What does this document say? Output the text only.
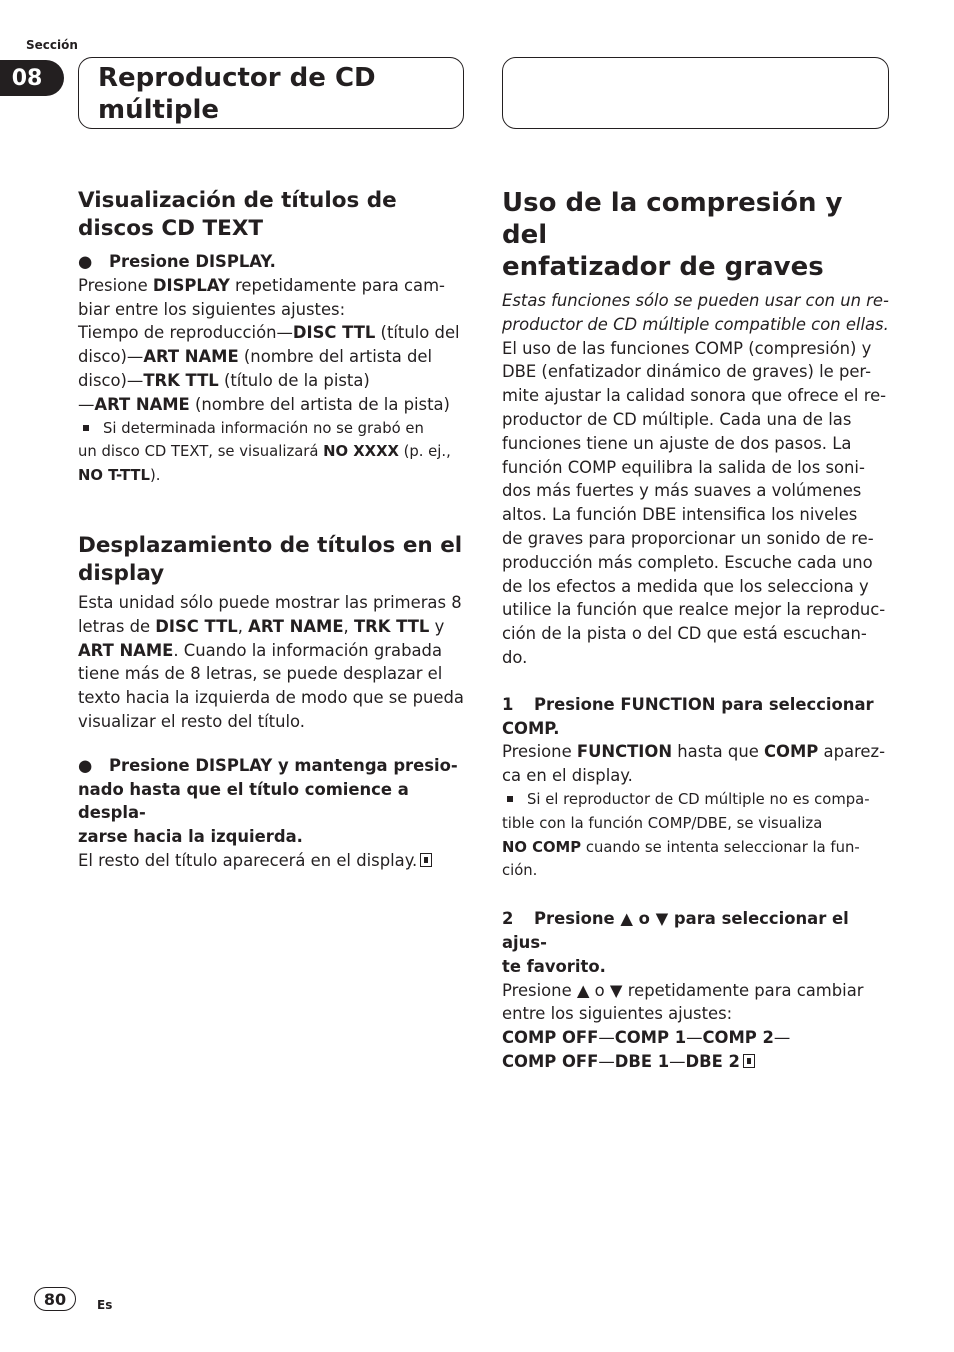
Sección
08	Reproductor de CD
múltiple
Visualización de títulos de
discos CD TEXT
●	Presione DISPLAY.

Presione DISPLAY repetidamente para cam-
biar entre los siguientes ajustes:

Tiempo de reproducción—DISC TTL (título del
disco)—ART NAME (nombre del artista del
disco)—TRK TTL (título de la pista)
—ART NAME (nombre del artista de la pista)

Si determinada información no se grabó en
un disco CD TEXT, se visualizará NO XXXX (p. ej.,
NO T-TTL).

Desplazamiento de títulos en el
display

Esta unidad sólo puede mostrar las primeras 8
letras de DISC TTL, ART NAME, TRK TTL y
ART NAME. Cuando la información grabada
tiene más de 8 letras, se puede desplazar el
texto hacia la izquierda de modo que se pueda
visualizar el resto del título.

●	Presione DISPLAY y mantenga presio-
nado hasta que el título comience a despla-
zarse hacia la izquierda.

El resto del título aparecerá en el display.

Uso de la compresión y del
enfatizador de graves

Estas funciones sólo se pueden usar con un re-
productor de CD múltiple compatible con ellas.

El uso de las funciones COMP (compresión) y
DBE (enfatizador dinámico de graves) le per-
mite ajustar la calidad sonora que ofrece el re-
productor de CD múltiple. Cada una de las
funciones tiene un ajuste de dos pasos. La
función COMP equilibra la salida de los soni-
dos más fuertes y más suaves a volúmenes
altos. La función DBE intensifica los niveles
de graves para proporcionar un sonido de re-
producción más completo. Escuche cada uno
de los efectos a medida que los selecciona y
utilice la función que realce mejor la reproduc-
ción de la pista o del CD que está escuchan-
do.

1 Presione FUNCTION para seleccionar
COMP.

Presione FUNCTION hasta que COMP aparez-
ca en el display.

Si el reproductor de CD múltiple no es compa-
tible con la función COMP/DBE, se visualiza
NO COMP cuando se intenta seleccionar la fun-
ción.

2 Presione ▲ o ▼ para seleccionar el ajus-
te favorito.

Presione ▲ o ▼ repetidamente para cambiar
entre los siguientes ajustes:

COMP OFF—COMP 1—COMP 2—
COMP OFF—DBE 1—DBE 2

80	Es
